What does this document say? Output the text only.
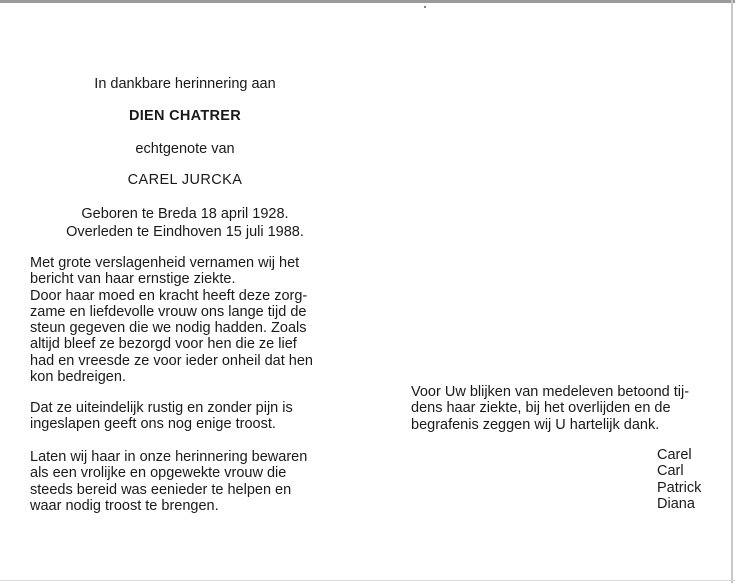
In dankbare herinnering aan
DIEN CHATRER
echtgenote van
CAREL JURCKA
Geboren te Breda 18 april 1928.
Overleden te Eindhoven 15 juli 1988.
Met grote verslagenheid vernamen wij het
bericht van haar ernstige ziekte.
Door haar moed en kracht heeft deze zorg-
zame en liefdevolle vrouw ons lange tijd de
steun gegeven die we nodig hadden. Zoals
altijd bleef ze bezorgd voor hen die ze lief
had en vreesde ze voor ieder onheil dat hen
kon bedreigen.
Dat ze uiteindelijk rustig en zonder pijn is
ingeslapen geeft ons nog enige troost.
Laten wij haar in onze herinnering bewaren
als een vrolijke en opgewekte vrouw die
steeds bereid was eenieder te helpen en
waar nodig troost te brengen.
Voor Uw blijken van medeleven betoond tij-
dens haar ziekte, bij het overlijden en de
begrafenis zeggen wij U hartelijk dank.
Carel
Carl
Patrick
Diana
